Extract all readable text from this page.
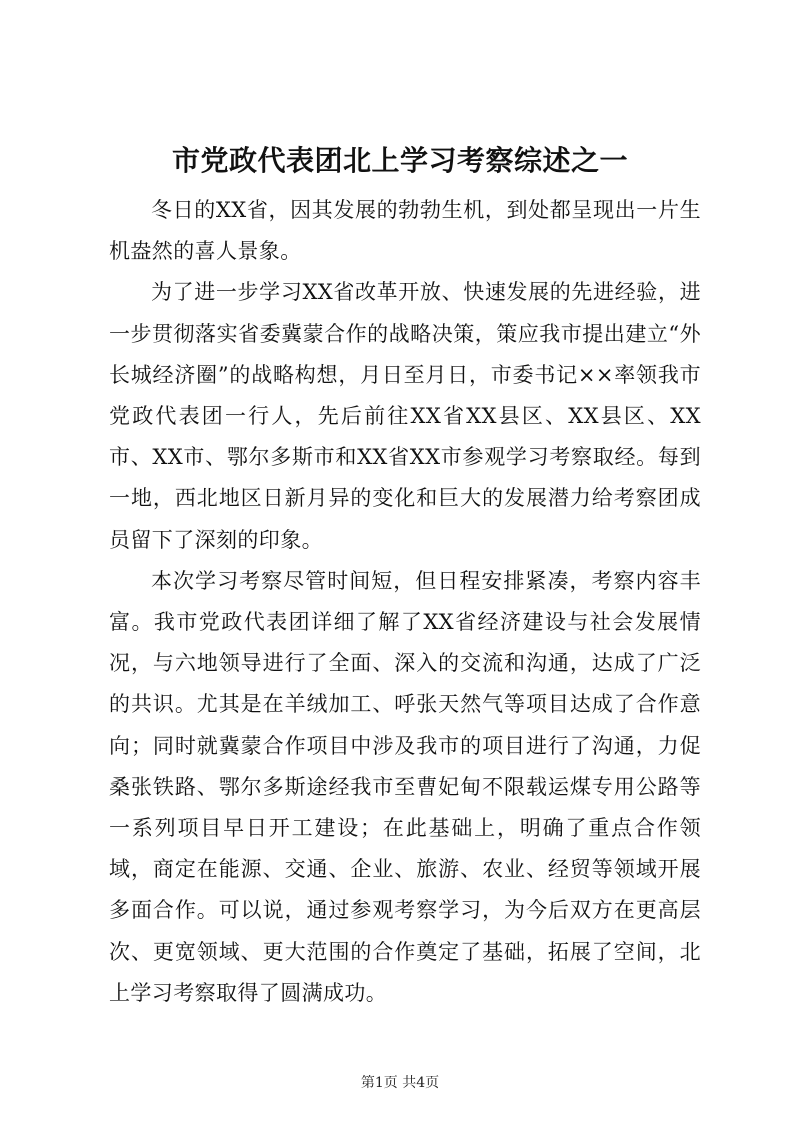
市党政代表团北上学习考察综述之一

冬日的XX省，因其发展的勃勃生机，到处都呈现出一片生机盎然的喜人景象。

为了进一步学习XX省改革开放、快速发展的先进经验，进一步贯彻落实省委冀蒙合作的战略决策，策应我市提出建立“外长城经济圈”的战略构想，月日至月日，市委书记××率领我市党政代表团一行人，先后前往XX省XX县区、XX县区、XX市、XX市、鄂尔多斯市和XX省XX市参观学习考察取经。每到一地，西北地区日新月异的变化和巨大的发展潜力给考察团成员留下了深刻的印象。

本次学习考察尽管时间短，但日程安排紧凑，考察内容丰富。我市党政代表团详细了解了XX省经济建设与社会发展情况，与六地领导进行了全面、深入的交流和沟通，达成了广泛的共识。尤其是在羊绒加工、呼张天然气等项目达成了合作意向；同时就冀蒙合作项目中涉及我市的项目进行了沟通，力促桑张铁路、鄂尔多斯途经我市至曹妃甸不限载运煤专用公路等一系列项目早日开工建设；在此基础上，明确了重点合作领域，商定在能源、交通、企业、旅游、农业、经贸等领域开展多面合作。可以说，通过参观考察学习，为今后双方在更高层次、更宽领域、更大范围的合作奠定了基础，拓展了空间，北上学习考察取得了圆满成功。

第1页 共4页
